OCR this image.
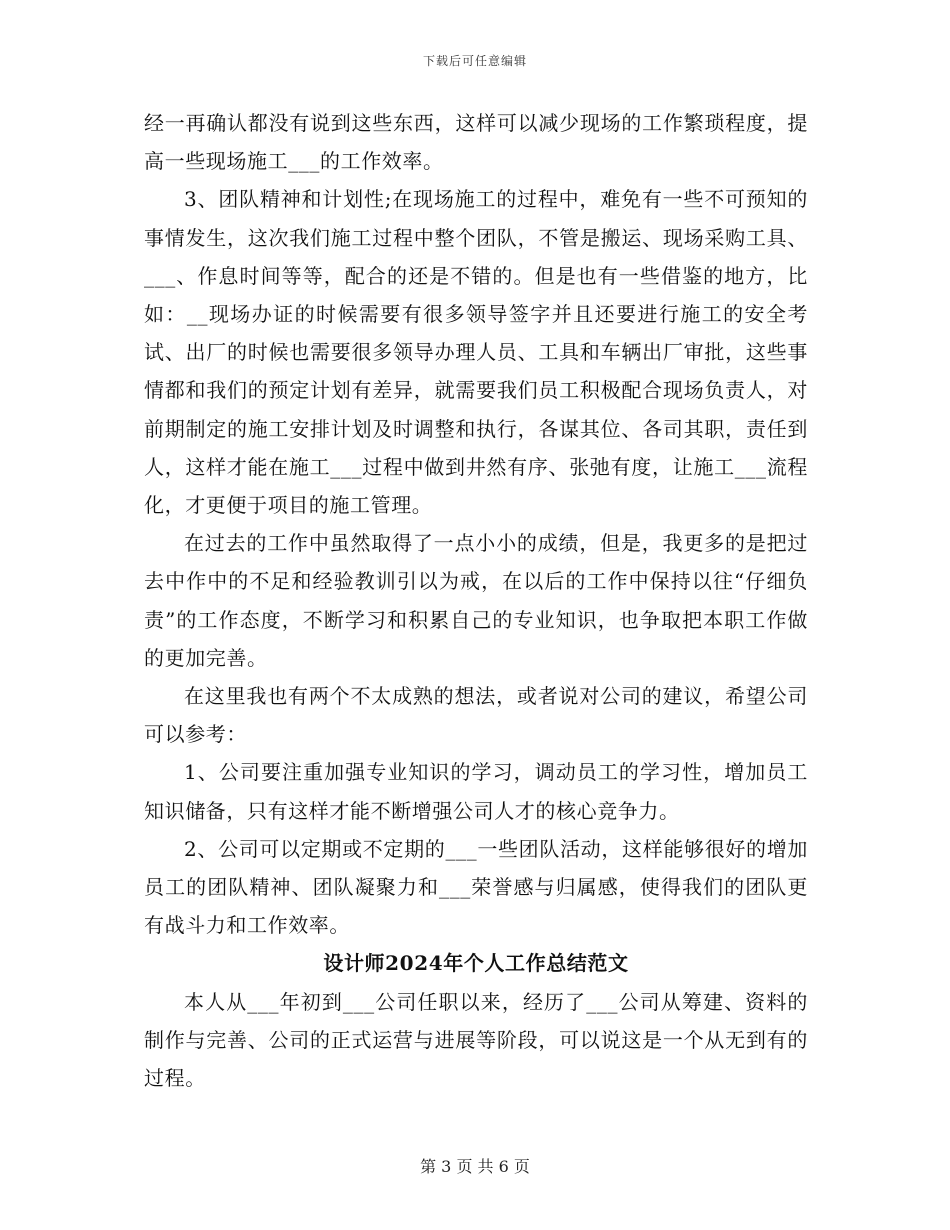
下载后可任意编辑

经一再确认都没有说到这些东西，这样可以减少现场的工作繁琐程度，提高一些现场施工___的工作效率。

3、团队精神和计划性;在现场施工的过程中，难免有一些不可预知的事情发生，这次我们施工过程中整个团队，不管是搬运、现场采购工具、___、作息时间等等，配合的还是不错的。但是也有一些借鉴的地方，比如：__现场办证的时候需要有很多领导签字并且还要进行施工的安全考试、出厂的时候也需要很多领导办理人员、工具和车辆出厂审批，这些事情都和我们的预定计划有差异，就需要我们员工积极配合现场负责人，对前期制定的施工安排计划及时调整和执行，各谋其位、各司其职，责任到人，这样才能在施工___过程中做到井然有序、张弛有度，让施工___流程化，才更便于项目的施工管理。

在过去的工作中虽然取得了一点小小的成绩，但是，我更多的是把过去中作中的不足和经验教训引以为戒，在以后的工作中保持以往“仔细负责”的工作态度，不断学习和积累自己的专业知识，也争取把本职工作做的更加完善。

在这里我也有两个不太成熟的想法，或者说对公司的建议，希望公司可以参考：

1、公司要注重加强专业知识的学习，调动员工的学习性，增加员工知识储备，只有这样才能不断增强公司人才的核心竞争力。

2、公司可以定期或不定期的___一些团队活动，这样能够很好的增加员工的团队精神、团队凝聚力和___荣誉感与归属感，使得我们的团队更有战斗力和工作效率。

设计师2024年个人工作总结范文

本人从___年初到___公司任职以来，经历了___公司从筹建、资料的制作与完善、公司的正式运营与进展等阶段，可以说这是一个从无到有的过程。

第 3 页 共 6 页
